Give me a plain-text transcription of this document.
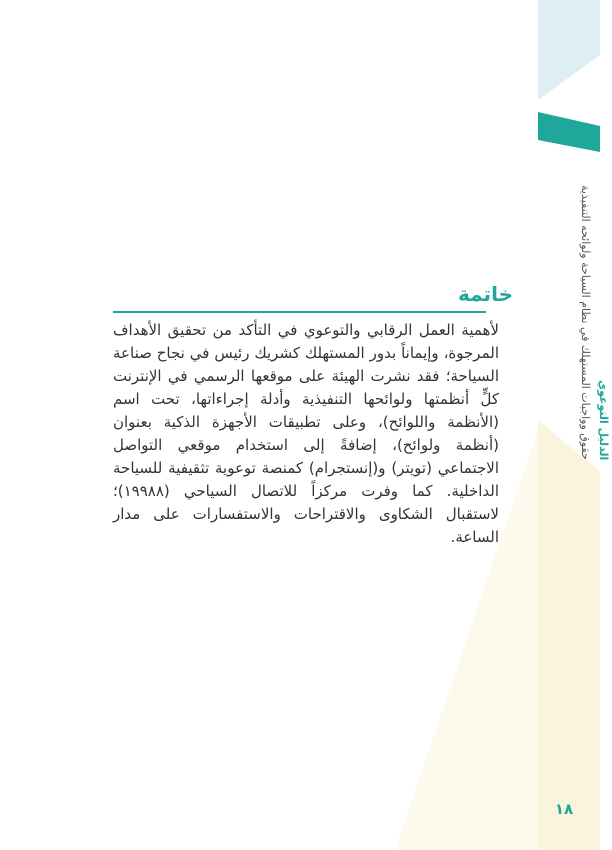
الدليل التوعوي
حقوق وواجبات المستهلك في نظام السياحة ولوائحه التنفيذية
خاتمة
لأهمية العمل الرقابي والتوعوي في التأكد من تحقيق الأهداف المرجوة، وإيماناً بدور المستهلك كشريك رئيس في نجاح صناعة السياحة؛ فقد نشرت الهيئة على موقعها الرسمي في الإنترنت كلٍّ أنظمتها ولوائحها التنفيذية وأدلة إجراءاتها، تحت اسم (الأنظمة واللوائح)، وعلى تطبيقات الأجهزة الذكية بعنوان (أنظمة ولوائح)، إضافةً إلى استخدام موقعي التواصل الاجتماعي (تويتر) و(إنستجرام) كمنصة توعوية تثقيفية للسياحة الداخلية. كما وفرت مركزاً للاتصال السياحي (١٩٩٨٨)؛ لاستقبال الشكاوى والاقتراحات والاستفسارات على مدار الساعة.
١٨
